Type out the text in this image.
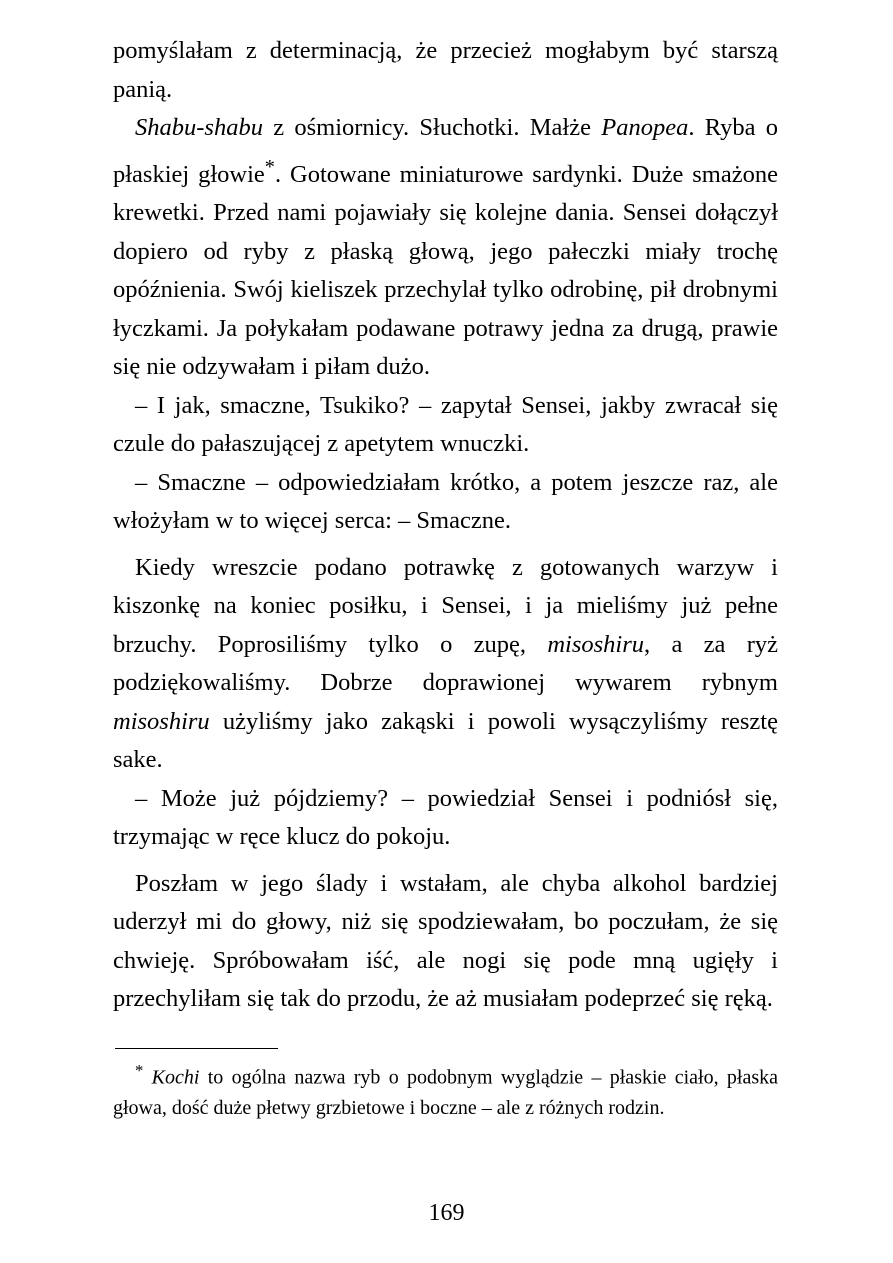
pomyślałam z determinacją, że przecież mogłabym być starszą panią.

Shabu-shabu z ośmiornicy. Słuchotki. Małże Panopea. Ryba o płaskiej głowie*. Gotowane miniaturowe sardynki. Duże smażone krewetki. Przed nami pojawiały się kolejne dania. Sensei dołączył dopiero od ryby z płaską głową, jego pałeczki miały trochę opóźnienia. Swój kieliszek przechylał tylko odrobinę, pił drobnymi łyczkami. Ja połykałam podawane potrawy jedna za drugą, prawie się nie odzywałam i piłam dużo.

– I jak, smaczne, Tsukiko? – zapytał Sensei, jakby zwracał się czule do pałaszującej z apetytem wnuczki.

– Smaczne – odpowiedziałam krótko, a potem jeszcze raz, ale włożyłam w to więcej serca: – Smaczne.

Kiedy wreszcie podano potrawkę z gotowanych warzyw i kiszonkę na koniec posiłku, i Sensei, i ja mieliśmy już pełne brzuchy. Poprosiliśmy tylko o zupę, misoshiru, a za ryż podziękowaliśmy. Dobrze doprawionej wywarem rybnym misoshiru użyliśmy jako zakąski i powoli wysączyliśmy resztę sake.

– Może już pójdziemy? – powiedział Sensei i podniósł się, trzymając w ręce klucz do pokoju.

Poszłam w jego ślady i wstałam, ale chyba alkohol bardziej uderzył mi do głowy, niż się spodziewałam, bo poczułam, że się chwieję. Spróbowałam iść, ale nogi się pode mną ugięły i przechyliłam się tak do przodu, że aż musiałam podeprzeć się ręką.

* Kochi to ogólna nazwa ryb o podobnym wyglądzie – płaskie ciało, płaska głowa, dość duże płetwy grzbietowe i boczne – ale z różnych rodzin.

169
